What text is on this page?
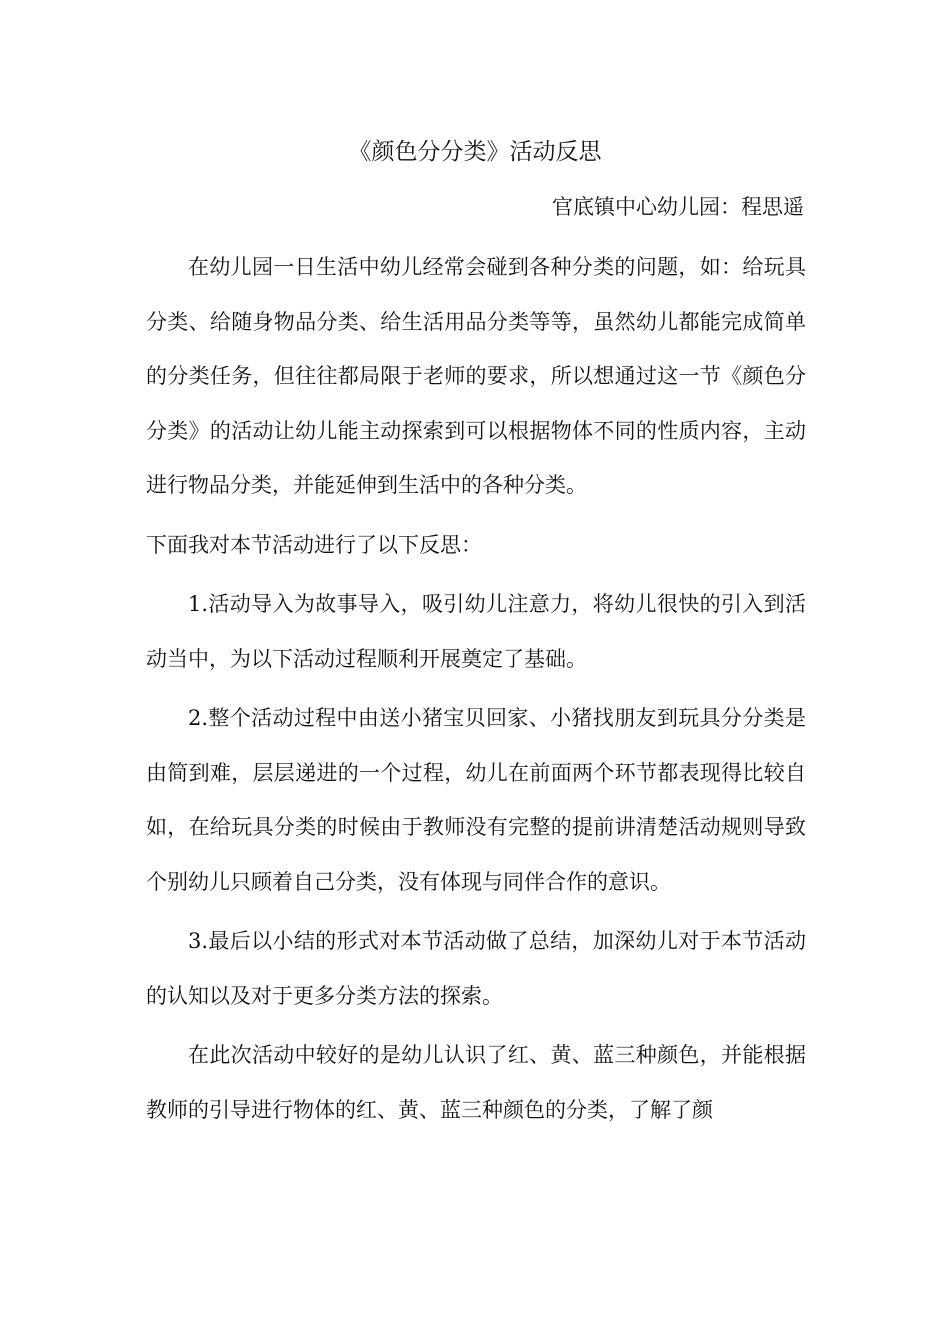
《颜色分分类》活动反思

官底镇中心幼儿园：程思遥

在幼儿园一日生活中幼儿经常会碰到各种分类的问题，如：给玩具分类、给随身物品分类、给生活用品分类等等，虽然幼儿都能完成简单的分类任务，但往往都局限于老师的要求，所以想通过这一节《颜色分分类》的活动让幼儿能主动探索到可以根据物体不同的性质内容，主动进行物品分类，并能延伸到生活中的各种分类。

下面我对本节活动进行了以下反思：

1.活动导入为故事导入，吸引幼儿注意力，将幼儿很快的引入到活动当中，为以下活动过程顺利开展奠定了基础。

2.整个活动过程中由送小猪宝贝回家、小猪找朋友到玩具分分类是由简到难，层层递进的一个过程，幼儿在前面两个环节都表现得比较自如，在给玩具分类的时候由于教师没有完整的提前讲清楚活动规则导致个别幼儿只顾着自己分类，没有体现与同伴合作的意识。

3.最后以小结的形式对本节活动做了总结，加深幼儿对于本节活动的认知以及对于更多分类方法的探索。

在此次活动中较好的是幼儿认识了红、黄、蓝三种颜色，并能根据教师的引导进行物体的红、黄、蓝三种颜色的分类，了解了颜
